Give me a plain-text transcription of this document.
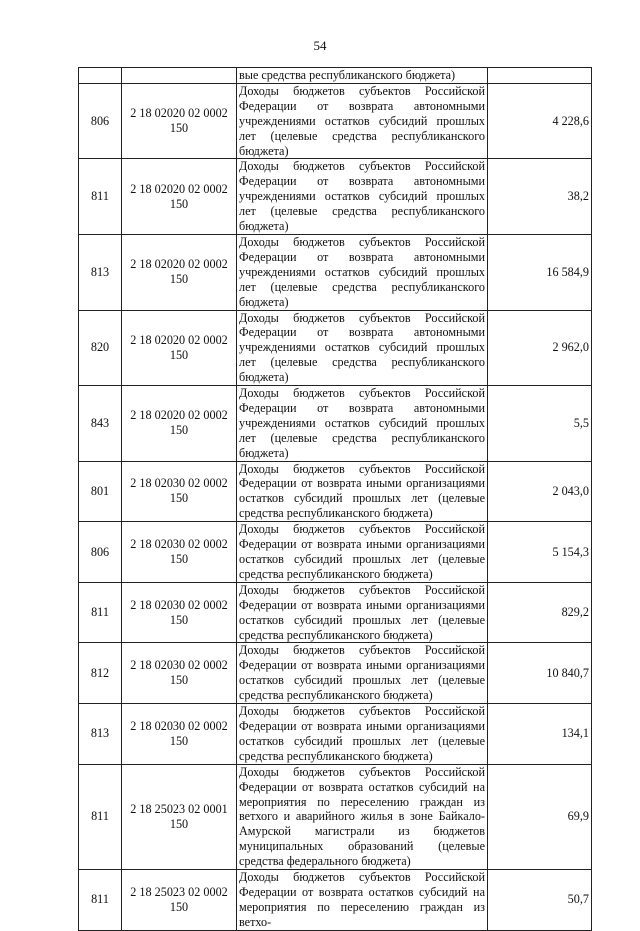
54
		вые средства республиканского бюджета)	
806	2 18 02020 02 0002 150	Доходы бюджетов субъектов Российской Федерации от возврата автономными учреждениями остатков субсидий прошлых лет (целевые средства республиканского бюджета)	4 228,6
811	2 18 02020 02 0002 150	Доходы бюджетов субъектов Российской Федерации от возврата автономными учреждениями остатков субсидий прошлых лет (целевые средства республиканского бюджета)	38,2
813	2 18 02020 02 0002 150	Доходы бюджетов субъектов Российской Федерации от возврата автономными учреждениями остатков субсидий прошлых лет (целевые средства республиканского бюджета)	16 584,9
820	2 18 02020 02 0002 150	Доходы бюджетов субъектов Российской Федерации от возврата автономными учреждениями остатков субсидий прошлых лет (целевые средства республиканского бюджета)	2 962,0
843	2 18 02020 02 0002 150	Доходы бюджетов субъектов Российской Федерации от возврата автономными учреждениями остатков субсидий прошлых лет (целевые средства республиканского бюджета)	5,5
801	2 18 02030 02 0002 150	Доходы бюджетов субъектов Российской Федерации от возврата иными организациями остатков субсидий прошлых лет (целевые средства республиканского бюджета)	2 043,0
806	2 18 02030 02 0002 150	Доходы бюджетов субъектов Российской Федерации от возврата иными организациями остатков субсидий прошлых лет (целевые средства республиканского бюджета)	5 154,3
811	2 18 02030 02 0002 150	Доходы бюджетов субъектов Российской Федерации от возврата иными организациями остатков субсидий прошлых лет (целевые средства республиканского бюджета)	829,2
812	2 18 02030 02 0002 150	Доходы бюджетов субъектов Российской Федерации от возврата иными организациями остатков субсидий прошлых лет (целевые средства республиканского бюджета)	10 840,7
813	2 18 02030 02 0002 150	Доходы бюджетов субъектов Российской Федерации от возврата иными организациями остатков субсидий прошлых лет (целевые средства республиканского бюджета)	134,1
811	2 18 25023 02 0001 150	Доходы бюджетов субъектов Российской Федерации от возврата остатков субсидий на мероприятия по переселению граждан из ветхого и аварийного жилья в зоне Байкало-Амурской магистрали из бюджетов муниципальных образований (целевые средства федерального бюджета)	69,9
811	2 18 25023 02 0002 150	Доходы бюджетов субъектов Российской Федерации от возврата остатков субсидий на мероприятия по переселению граждан из ветхо-	50,7
